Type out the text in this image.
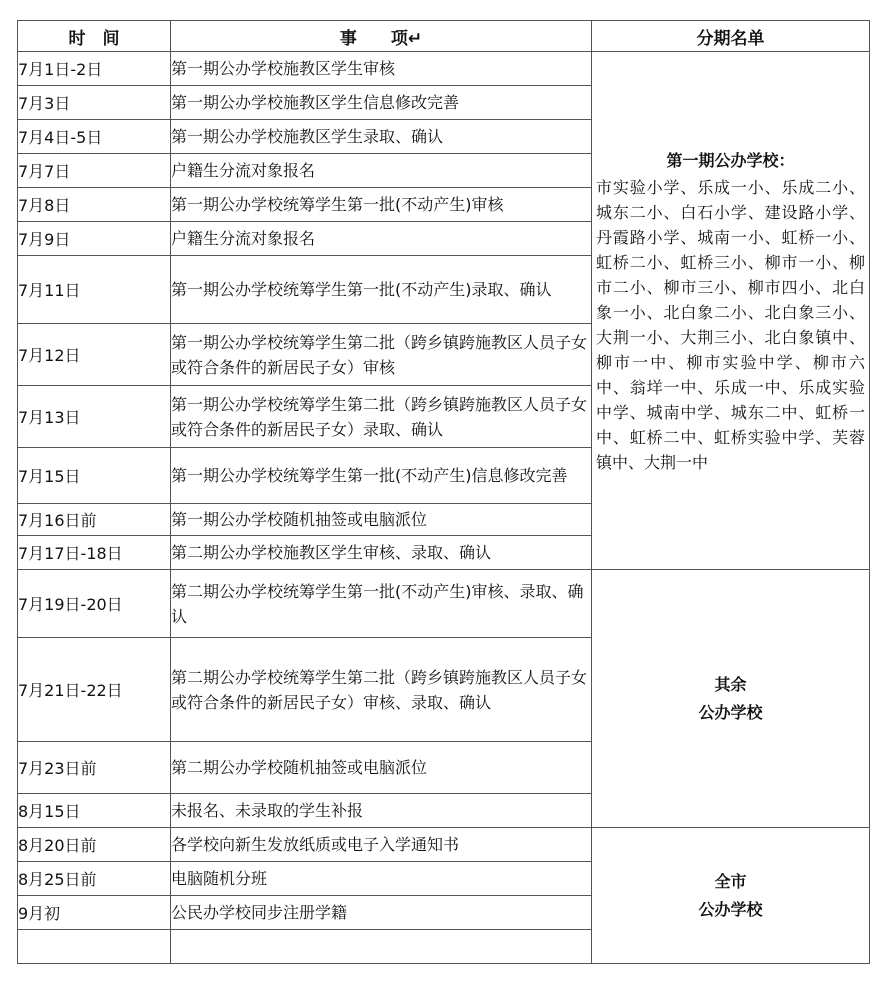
时　间	事　　项↵	分期名单
7月1日-2日	第一期公办学校施教区学生审核	第一期公办学校：
市实验小学、乐成一小、乐成二小、城东二小、白石小学、建设路小学、丹霞路小学、城南一小、虹桥一小、虹桥二小、虹桥三小、柳市一小、柳市二小、柳市三小、柳市四小、北白象一小、北白象二小、北白象三小、大荆一小、大荆三小、北白象镇中、柳市一中、柳市实验中学、柳市六中、翁垟一中、乐成一中、乐成实验中学、城南中学、城东二中、虹桥一中、虹桥二中、虹桥实验中学、芙蓉镇中、大荆一中

7月3日	第一期公办学校施教区学生信息修改完善	
7月4日-5日	第一期公办学校施教区学生录取、确认	
7月7日	户籍生分流对象报名	
7月8日	第一期公办学校统筹学生第一批(不动产生)审核	
7月9日	户籍生分流对象报名	
7月11日	第一期公办学校统筹学生第一批(不动产生)录取、确认	
7月12日	第一期公办学校统筹学生第二批（跨乡镇跨施教区人员子女或符合条件的新居民子女）审核	
7月13日	第一期公办学校统筹学生第二批（跨乡镇跨施教区人员子女或符合条件的新居民子女）录取、确认	
7月15日	第一期公办学校统筹学生第一批(不动产生)信息修改完善	
7月16日前	第一期公办学校随机抽签或电脑派位	
7月17日-18日	第二期公办学校施教区学生审核、录取、确认	
7月19日-20日	第二期公办学校统筹学生第一批(不动产生)审核、录取、确认	其余
公办学校

7月21日-22日	第二期公办学校统筹学生第二批（跨乡镇跨施教区人员子女或符合条件的新居民子女）审核、录取、确认	
7月23日前	第二期公办学校随机抽签或电脑派位	
8月15日	未报名、未录取的学生补报	
8月20日前	各学校向新生发放纸质或电子入学通知书	全市
公办学校

8月25日前	电脑随机分班	
9月初	公民办学校同步注册学籍	
